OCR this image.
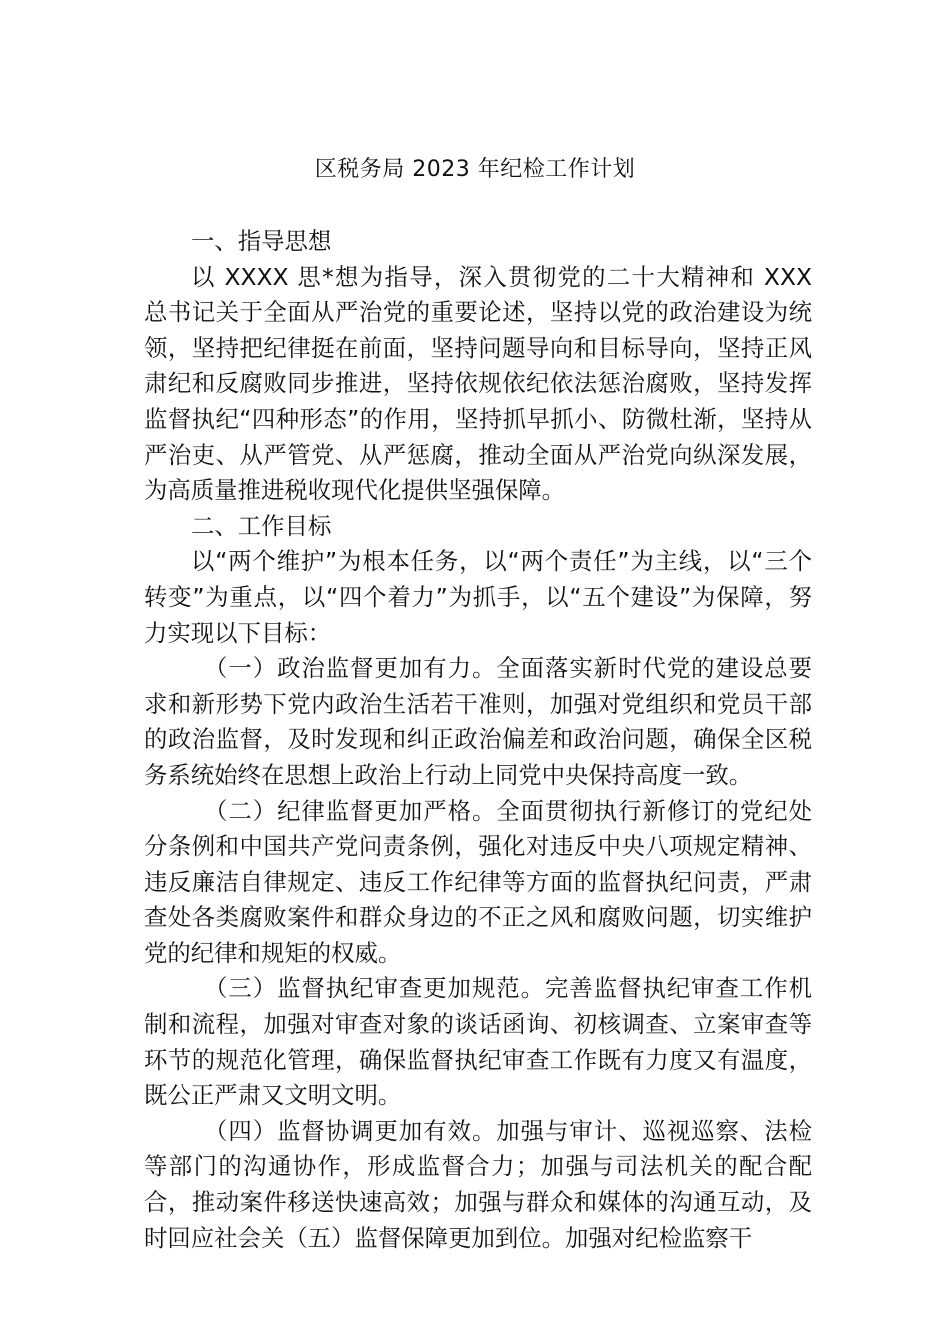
区税务局 2023 年纪检工作计划

一、指导思想

以 XXXX 思*想为指导，深入贯彻党的二十大精神和 XXX 总书记关于全面从严治党的重要论述，坚持以党的政治建设为统领，坚持把纪律挺在前面，坚持问题导向和目标导向，坚持正风肃纪和反腐败同步推进，坚持依规依纪依法惩治腐败，坚持发挥监督执纪“四种形态”的作用，坚持抓早抓小、防微杜渐，坚持从严治吏、从严管党、从严惩腐，推动全面从严治党向纵深发展，为高质量推进税收现代化提供坚强保障。

二、工作目标

以“两个维护”为根本任务，以“两个责任”为主线，以“三个转变”为重点，以“四个着力”为抓手，以“五个建设”为保障，努力实现以下目标：

（一）政治监督更加有力。全面落实新时代党的建设总要求和新形势下党内政治生活若干准则，加强对党组织和党员干部的政治监督，及时发现和纠正政治偏差和政治问题，确保全区税务系统始终在思想上政治上行动上同党中央保持高度一致。

（二）纪律监督更加严格。全面贯彻执行新修订的党纪处分条例和中国共产党问责条例，强化对违反中央八项规定精神、违反廉洁自律规定、违反工作纪律等方面的监督执纪问责，严肃查处各类腐败案件和群众身边的不正之风和腐败问题，切实维护党的纪律和规矩的权威。

（三）监督执纪审查更加规范。完善监督执纪审查工作机制和流程，加强对审查对象的谈话函询、初核调查、立案审查等环节的规范化管理，确保监督执纪审查工作既有力度又有温度，既公正严肃又文明文明。

（四）监督协调更加有效。加强与审计、巡视巡察、法检等部门的沟通协作，形成监督合力；加强与司法机关的配合配合，推动案件移送快速高效；加强与群众和媒体的沟通互动，及时回应社会关（五）监督保障更加到位。加强对纪检监察干
